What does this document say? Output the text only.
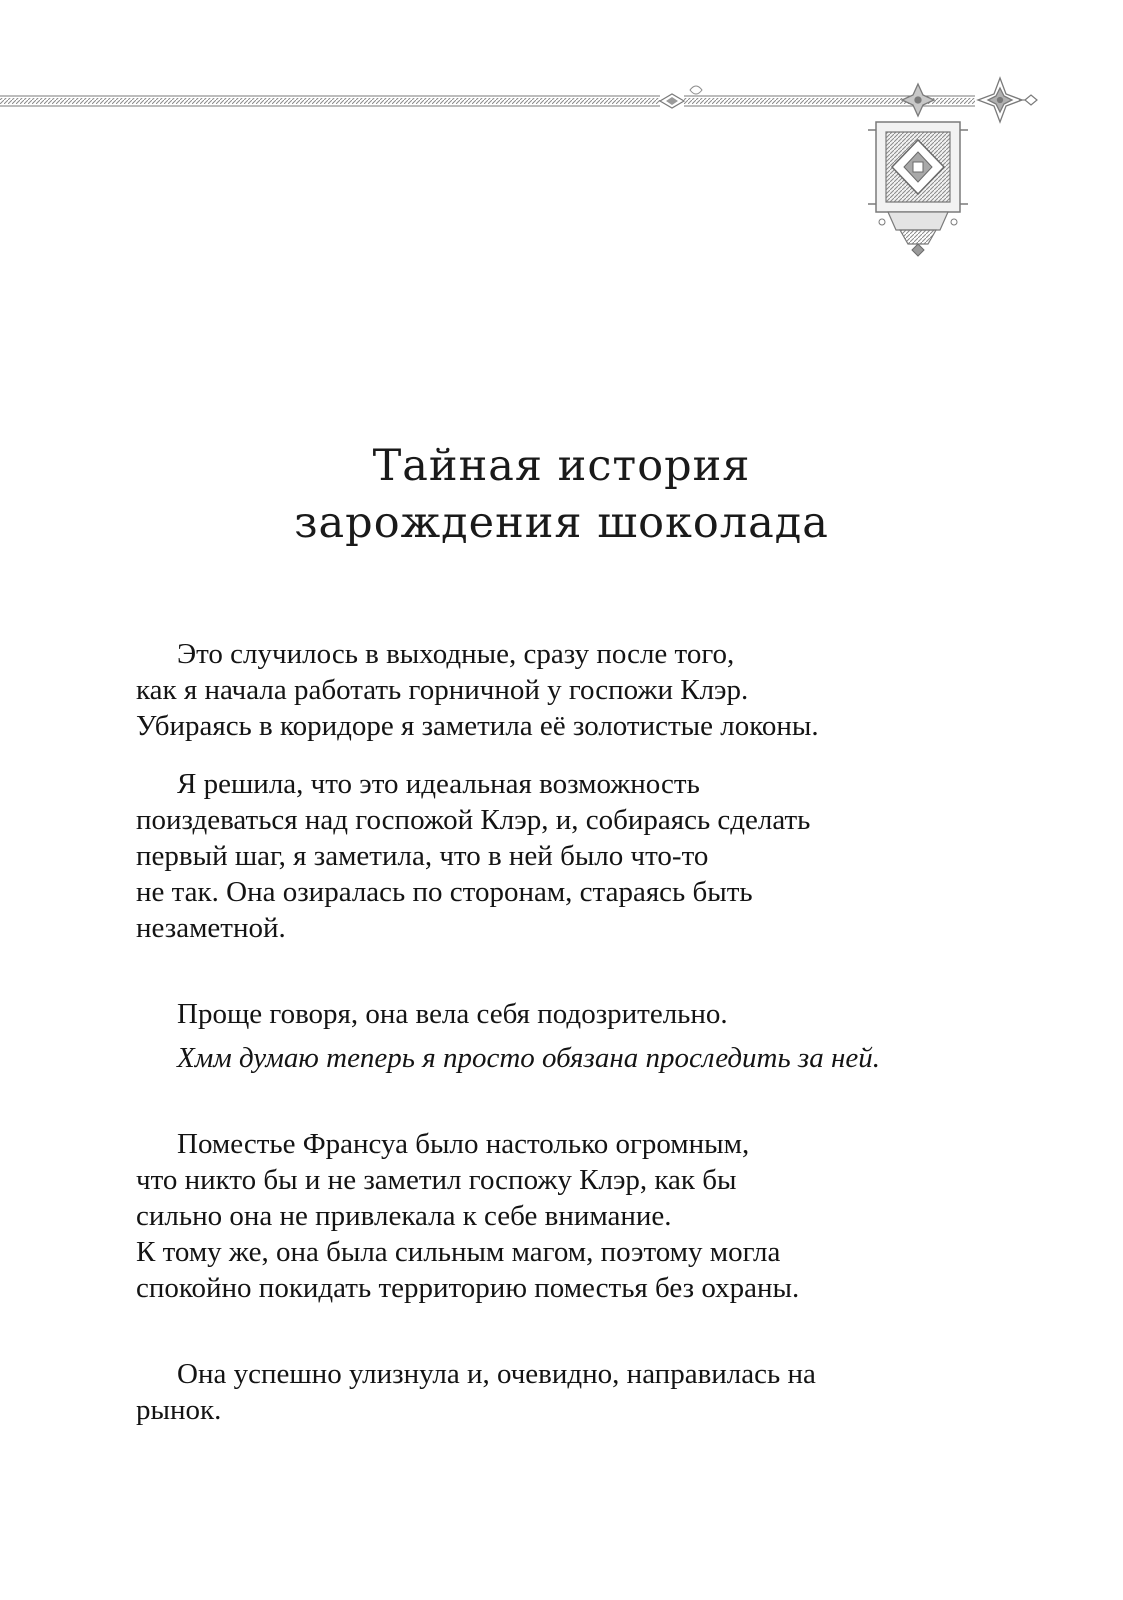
Тайная история
зарождения шоколада

Это случилось в выходные, сразу после того,
как я начала работать горничной у госпожи Клэр.
Убираясь в коридоре я заметила её золотистые локоны.

Я решила, что это идеальная возможность
поиздеваться над госпожой Клэр, и, собираясь сделать
первый шаг, я заметила, что в ней было что-то
не так. Она озиралась по сторонам, стараясь быть
незаметной.

Проще говоря, она вела себя подозрительно.

Хмм думаю теперь я просто обязана проследить за ней.

Поместье Франсуа было настолько огромным,
что никто бы и не заметил госпожу Клэр, как бы
сильно она не привлекала к себе внимание.
К тому же, она была сильным магом, поэтому могла
спокойно покидать территорию поместья без охраны.

Она успешно улизнула и, очевидно, направилась на
рынок.
